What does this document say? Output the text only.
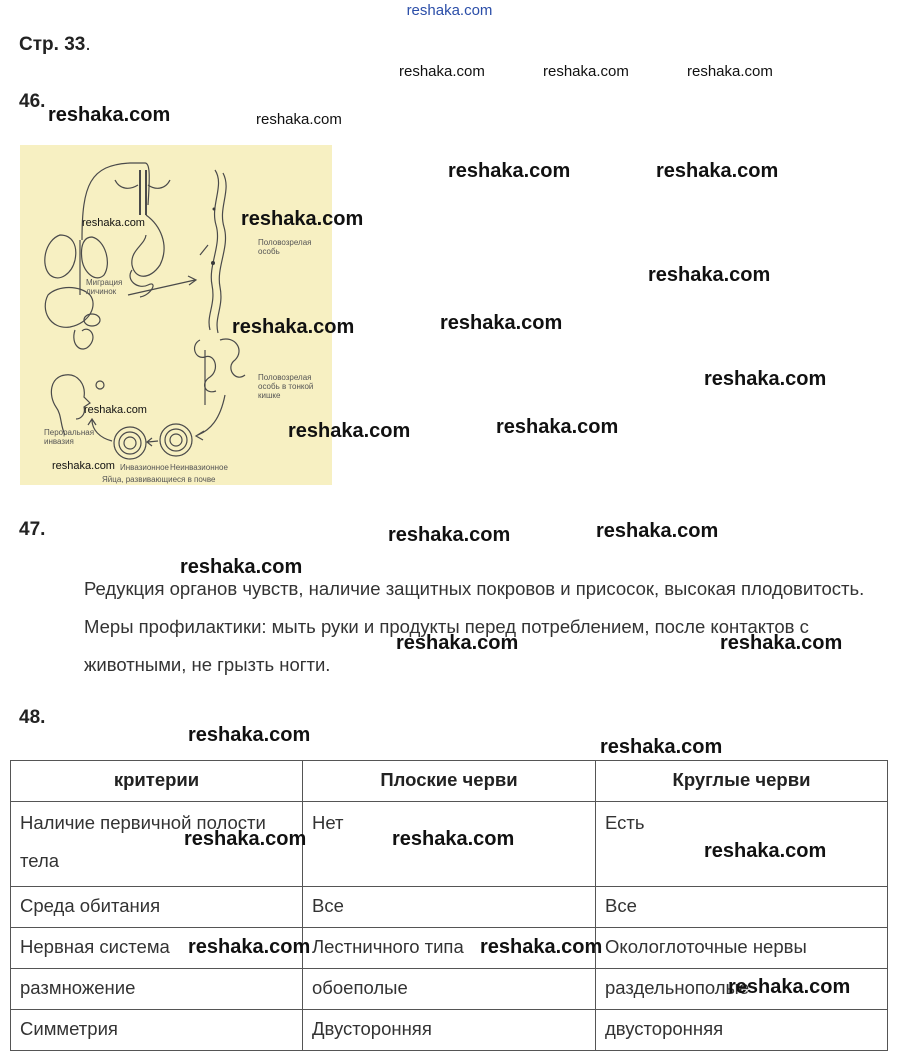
reshaka.com
Стр. 33.
46.
47.
48.
Миграция личинок
Половозрелая особь
Половозрелая особь в тонкой кишке
Пероральная инвазия
Инвазионное Неинвазионное
Яйца, развивающиеся в почве
reshaka.com
reshaka.com
reshaka.com
Редукция органов чувств, наличие защитных покровов и присосок, высокая плодовитость. Меры профилактики: мыть руки и продукты перед потреблением, после контактов с животными, не грызть ногти.
критерии	Плоские черви	Круглые черви
Наличие первичной полости тела	Нет	Есть
Среда обитания	Все	Все
Нервная система	Лестничного типа	Окологлоточные нервы
размножение	обоеполые	раздельнополые
Симметрия	Двусторонняя	двусторонняя
reshaka.com	reshaka.com	reshaka.com
reshaka.com	reshaka.com
reshaka.com	reshaka.com
reshaka.com
reshaka.com
reshaka.com	reshaka.com
reshaka.com
reshaka.com	reshaka.com
reshaka.com	reshaka.com
reshaka.com
reshaka.com	reshaka.com
reshaka.com
reshaka.com
reshaka.com	reshaka.com
reshaka.com
reshaka.com	reshaka.com
reshaka.com
